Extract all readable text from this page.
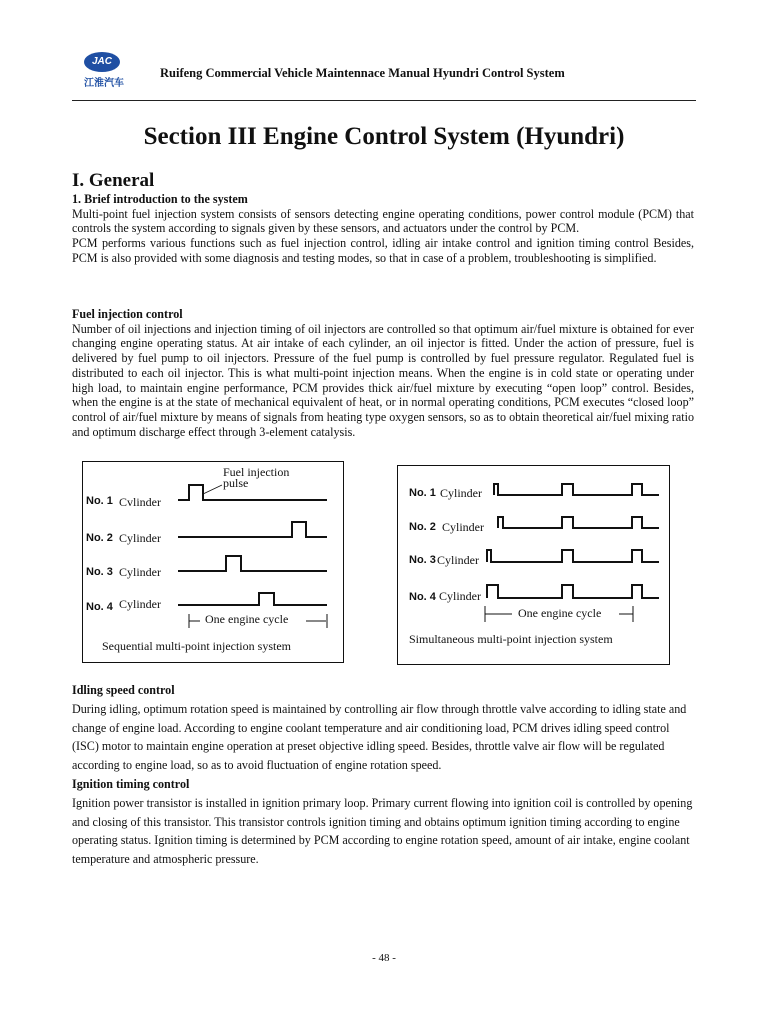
JAC
江淮汽车
Ruifeng Commercial Vehicle Maintennace Manual Hyundri Control System
Section III Engine Control System (Hyundri)
I. General

1. Brief introduction to the system

Multi-point fuel injection system consists of sensors detecting engine operating conditions, power control module (PCM) that controls the system according to signals given by these sensors, and actuators under the control by PCM.

PCM performs various functions such as fuel injection control, idling air intake control and ignition timing control Besides, PCM is also provided with some diagnosis and testing modes, so that in case of a problem, troubleshooting is simplified.

Fuel injection control

Number of oil injections and injection timing of oil injectors are controlled so that optimum air/fuel mixture is obtained for ever changing engine operating status. At air intake of each cylinder, an oil injector is fitted. Under the action of pressure, fuel is delivered by fuel pump to oil injectors. Pressure of the fuel pump is controlled by fuel pressure regulator. Regulated fuel is distributed to each oil injector. This is what multi-point injection means. When the engine is in cold state or operating under high load, to maintain engine performance, PCM provides thick air/fuel mixture by executing “open loop” control. Besides, when the engine is at the state of mechanical equivalent of heat, or in normal operating conditions, PCM executes “closed loop” control of air/fuel mixture by means of signals from heating type oxygen sensors, so as to obtain theoretical air/fuel mixing ratio and optimum discharge effect through 3-element catalysis.

Fuel injection
pulse
No. 1 Cvlinder
No. 2 Cylinder
No. 3 Cylinder
No. 4 Cylinder
One engine cycle
Sequential multi-point injection system
No. 1 Cylinder
No. 2 Cylinder
No. 3 Cylinder
No. 4 Cylinder
One engine cycle
Simultaneous multi-point injection system

Idling speed control

During idling, optimum rotation speed is maintained by controlling air flow through throttle valve according to idling state and change of engine load. According to engine coolant temperature and air conditioning load, PCM drives idling speed control (ISC) motor to maintain engine operation at preset objective idling speed. Besides, throttle valve air flow will be regulated according to engine load, so as to avoid fluctuation of engine rotation speed.

Ignition timing control

Ignition power transistor is installed in ignition primary loop. Primary current flowing into ignition coil is controlled by opening and closing of this transistor. This transistor controls ignition timing and obtains optimum ignition timing according to engine operating status. Ignition timing is determined by PCM according to engine rotation speed, amount of air intake, engine coolant temperature and atmospheric pressure.

- 48 -
